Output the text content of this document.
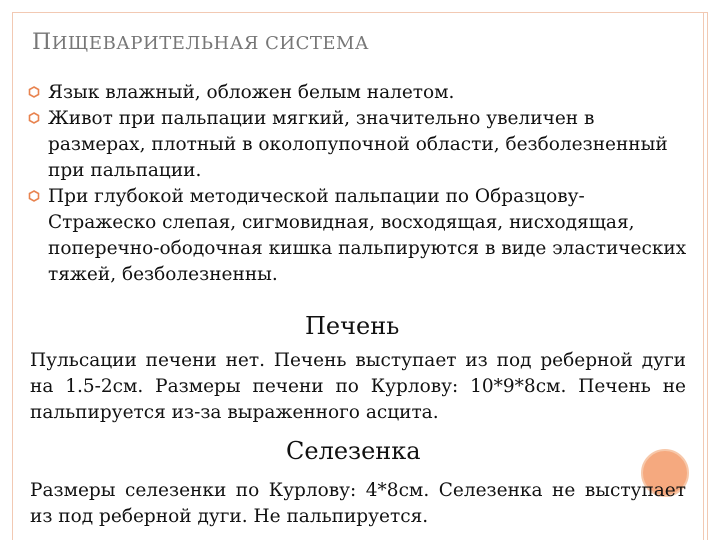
ПИЩЕВАРИТЕЛЬНАЯ СИСТЕМА
Язык влажный, обложен белым налетом.
Живот при пальпации мягкий, значительно увеличен в размерах, плотный в околопупочной области, безболезненный при пальпации.
При глубокой методической пальпации по Образцову-Стражеско слепая, сигмовидная, восходящая, нисходящая, поперечно-ободочная кишка пальпируются в виде эластических тяжей, безболезненны.
Печень
Пульсации печени нет. Печень выступает из под реберной дуги на 1.5-2см. Размеры печени по Курлову: 10*9*8см. Печень не пальпируется из-за выраженного асцита.
Селезенка
Размеры селезенки по Курлову: 4*8см. Селезенка не выступает из под реберной дуги. Не пальпируется.
